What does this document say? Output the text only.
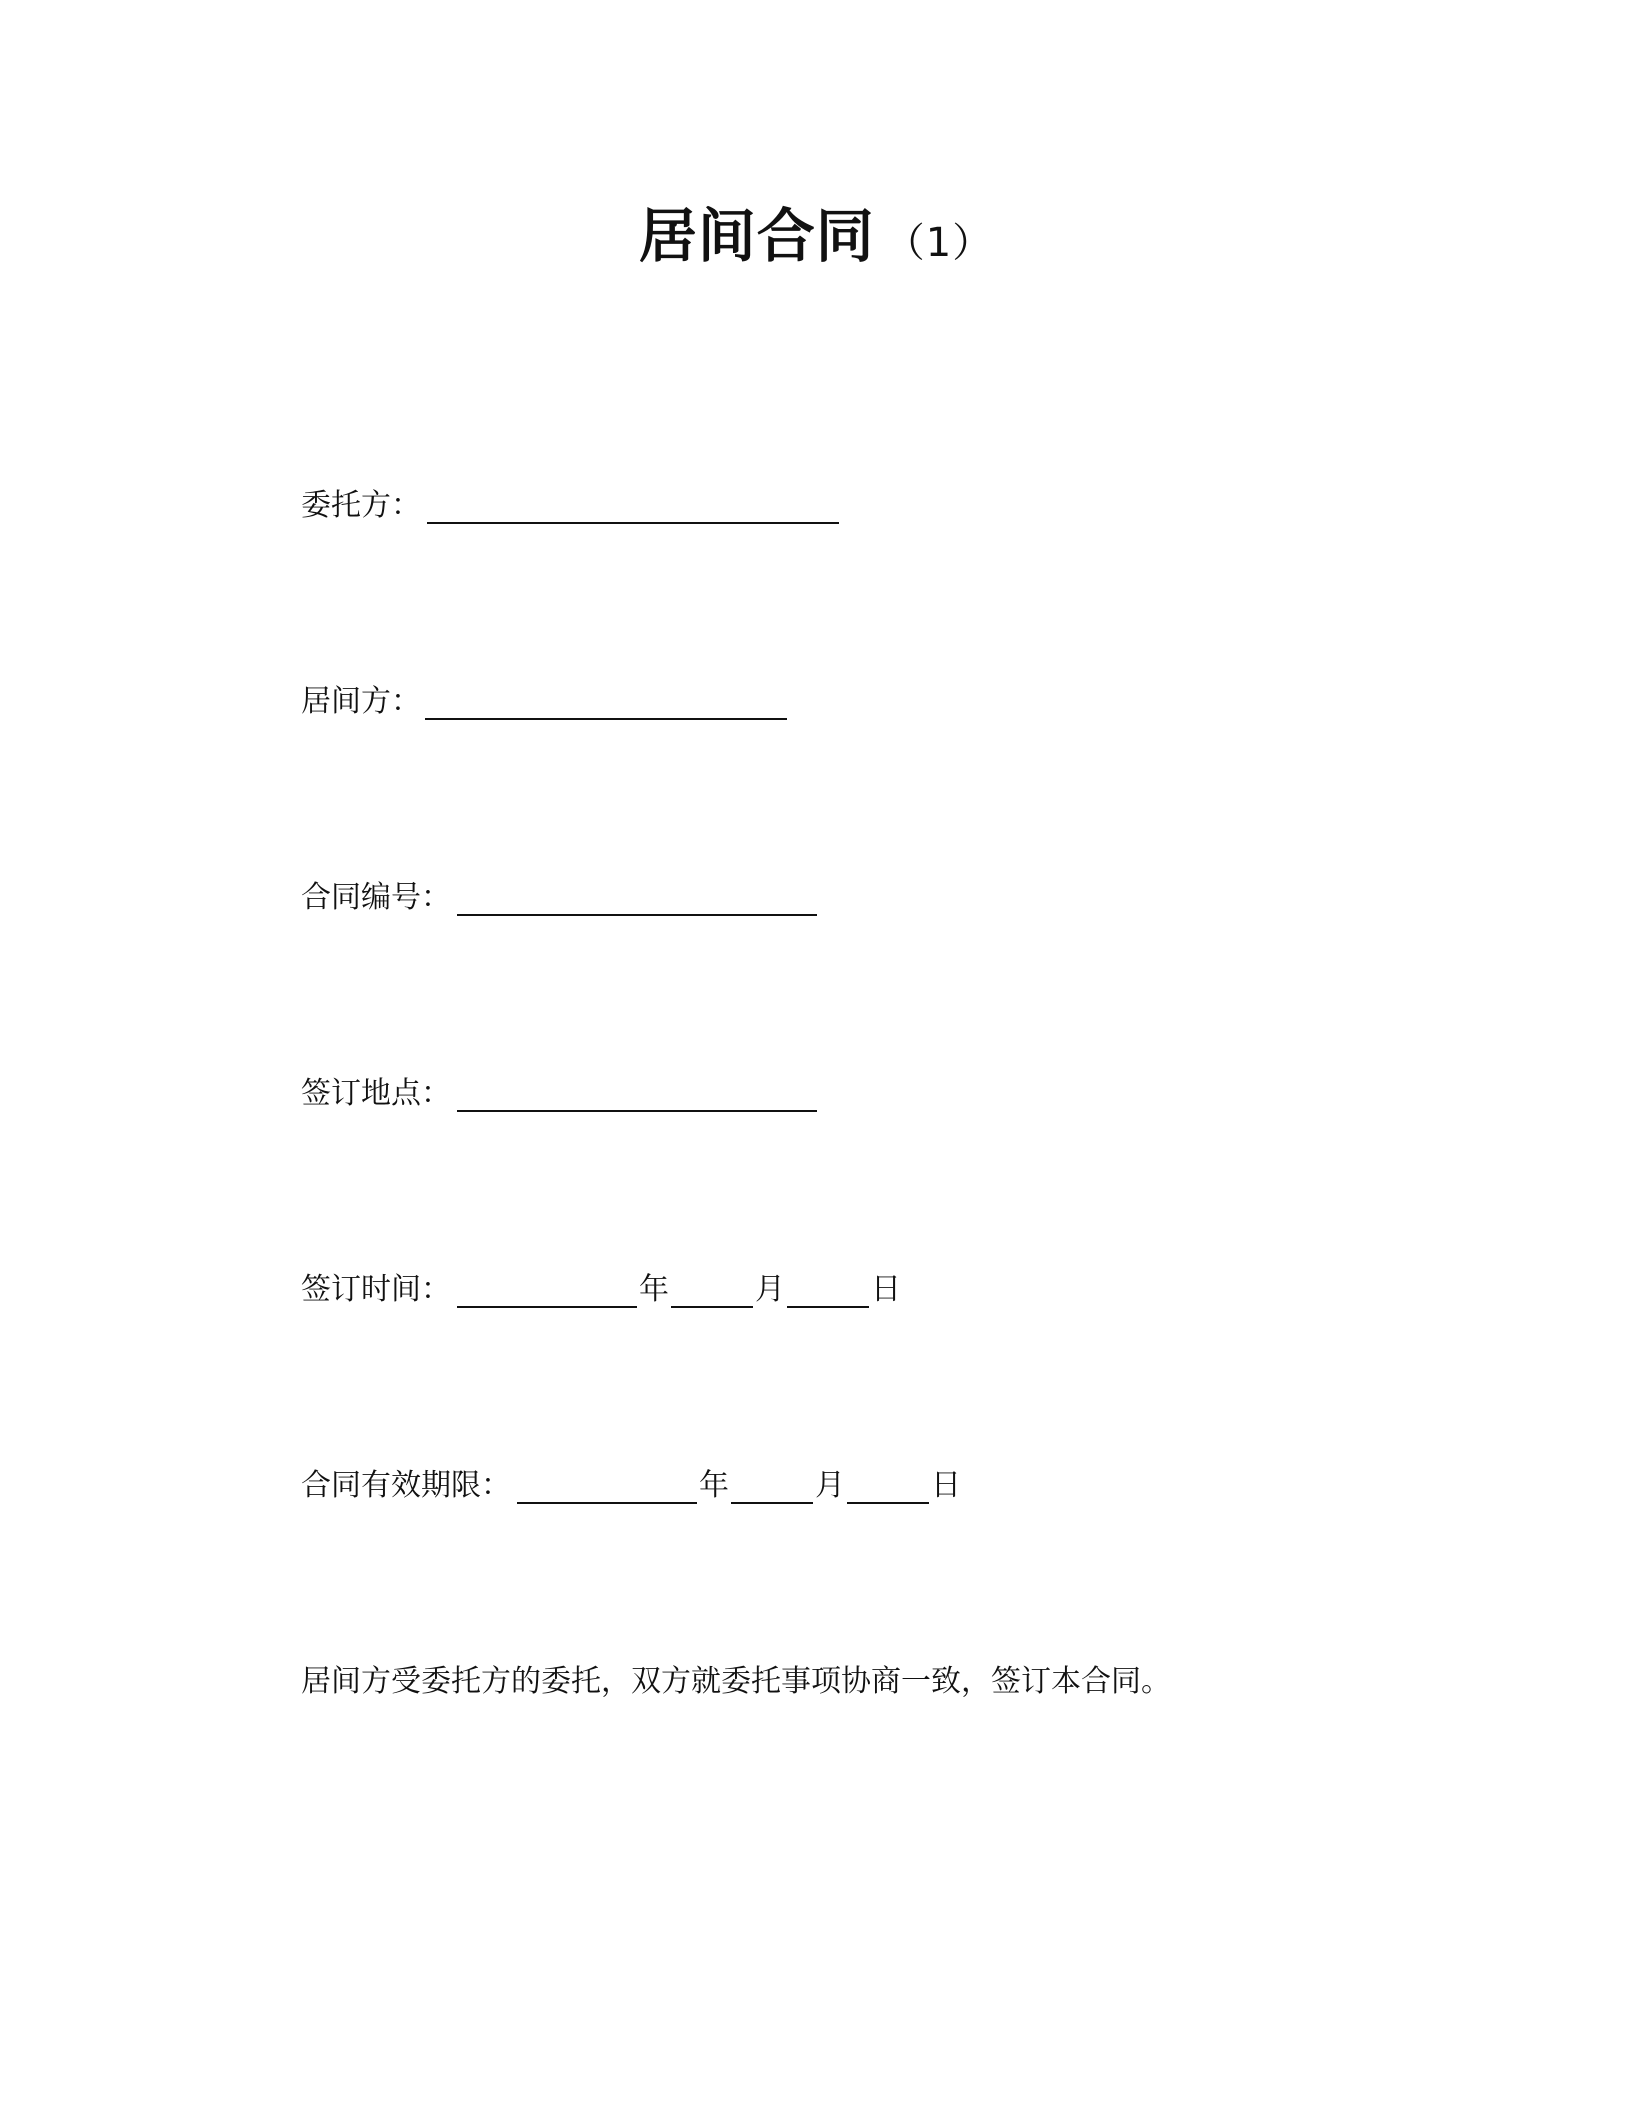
居间合同 （1）
委托方：
居间方：
合同编号：
签订地点：
签订时间：	年	月	日
合同有效期限：	年	月	日
居间方受委托方的委托，双方就委托事项协商一致，签订本合同。
